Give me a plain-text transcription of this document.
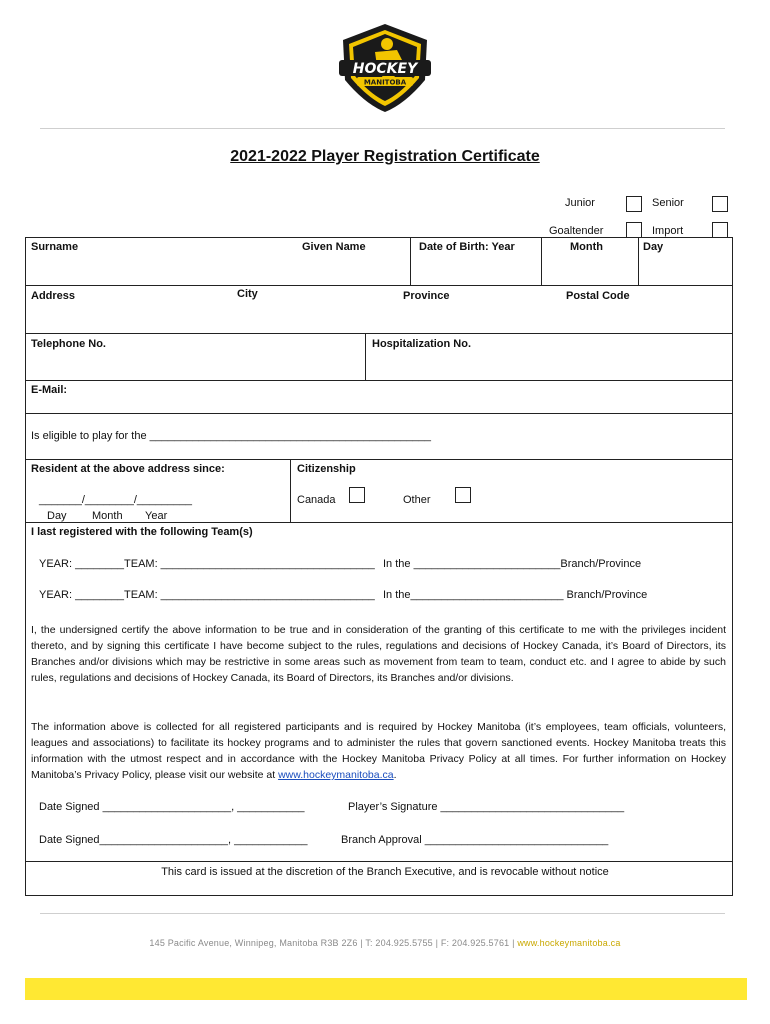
HOCKEY
MANITOBA
2021-2022 Player Registration Certificate
Junior	Senior
Goaltender	Import
Surname	Given Name	Date of Birth: Year	Month	Day
Address	City	Province	Postal Code
Telephone No.	Hospitalization No.
E-Mail:
Is eligible to play for the ______________________________________________
Resident at the above address since:
_______/________/_________
Day Month Year
Citizenship
Canada	Other
I last registered with the following Team(s)
YEAR: ________TEAM: ___________________________________ In the ________________________Branch/Province
YEAR: ________TEAM: ___________________________________ In the_________________________ Branch/Province
I, the undersigned certify the above information to be true and in consideration of the granting of this certificate to me with the privileges incident thereto, and by signing this certificate I have become subject to the rules, regulations and decisions of Hockey Canada, it’s Board of Directors, its Branches and/or divisions which may be restrictive in some areas such as movement from team to team, conduct etc. and I agree to abide by such rules, regulations and decisions of Hockey Canada, its Board of Directors, its Branches and/or divisions.
The information above is collected for all registered participants and is required by Hockey Manitoba (it’s employees, team officials, volunteers, leagues and associations) to facilitate its hockey programs and to administer the rules that govern sanctioned events. Hockey Manitoba treats this information with the utmost respect and in accordance with the Hockey Manitoba Privacy Policy at all times. For further information on Hockey Manitoba’s Privacy Policy, please visit our website at www.hockeymanitoba.ca.
Date Signed _____________________, ___________	Player’s Signature ______________________________
Date Signed_____________________, ____________	Branch Approval ______________________________
This card is issued at the discretion of the Branch Executive, and is revocable without notice
145 Pacific Avenue, Winnipeg, Manitoba R3B 2Z6 | T: 204.925.5755 | F: 204.925.5761 | www.hockeymanitoba.ca
